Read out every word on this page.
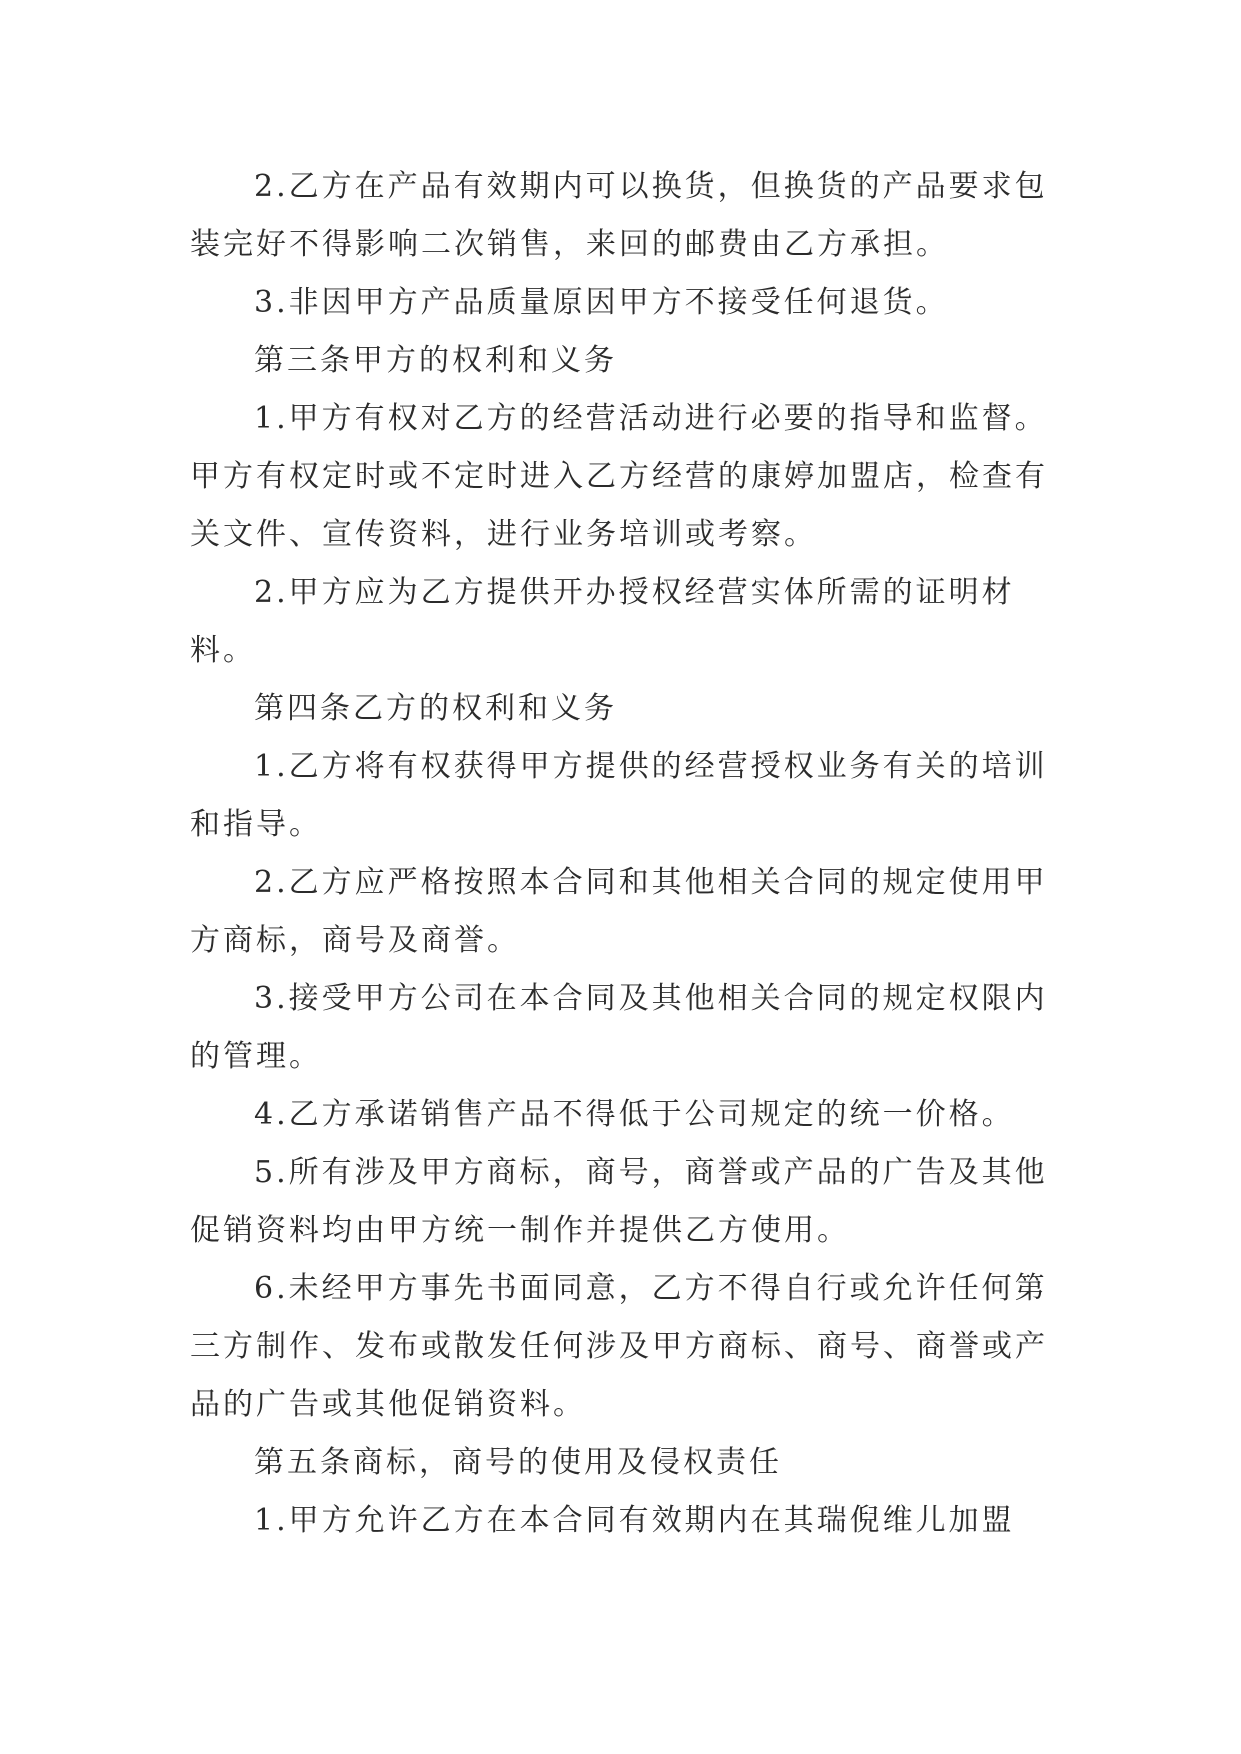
2.乙方在产品有效期内可以换货，但换货的产品要求包装完好不得影响二次销售，来回的邮费由乙方承担。

3.非因甲方产品质量原因甲方不接受任何退货。

第三条甲方的权利和义务

1.甲方有权对乙方的经营活动进行必要的指导和监督。甲方有权定时或不定时进入乙方经营的康婷加盟店，检查有关文件、宣传资料，进行业务培训或考察。

2.甲方应为乙方提供开办授权经营实体所需的证明材料。

第四条乙方的权利和义务

1.乙方将有权获得甲方提供的经营授权业务有关的培训和指导。

2.乙方应严格按照本合同和其他相关合同的规定使用甲方商标，商号及商誉。

3.接受甲方公司在本合同及其他相关合同的规定权限内的管理。

4.乙方承诺销售产品不得低于公司规定的统一价格。

5.所有涉及甲方商标，商号，商誉或产品的广告及其他促销资料均由甲方统一制作并提供乙方使用。

6.未经甲方事先书面同意，乙方不得自行或允许任何第三方制作、发布或散发任何涉及甲方商标、商号、商誉或产品的广告或其他促销资料。

第五条商标，商号的使用及侵权责任

1.甲方允许乙方在本合同有效期内在其瑞倪维儿加盟
